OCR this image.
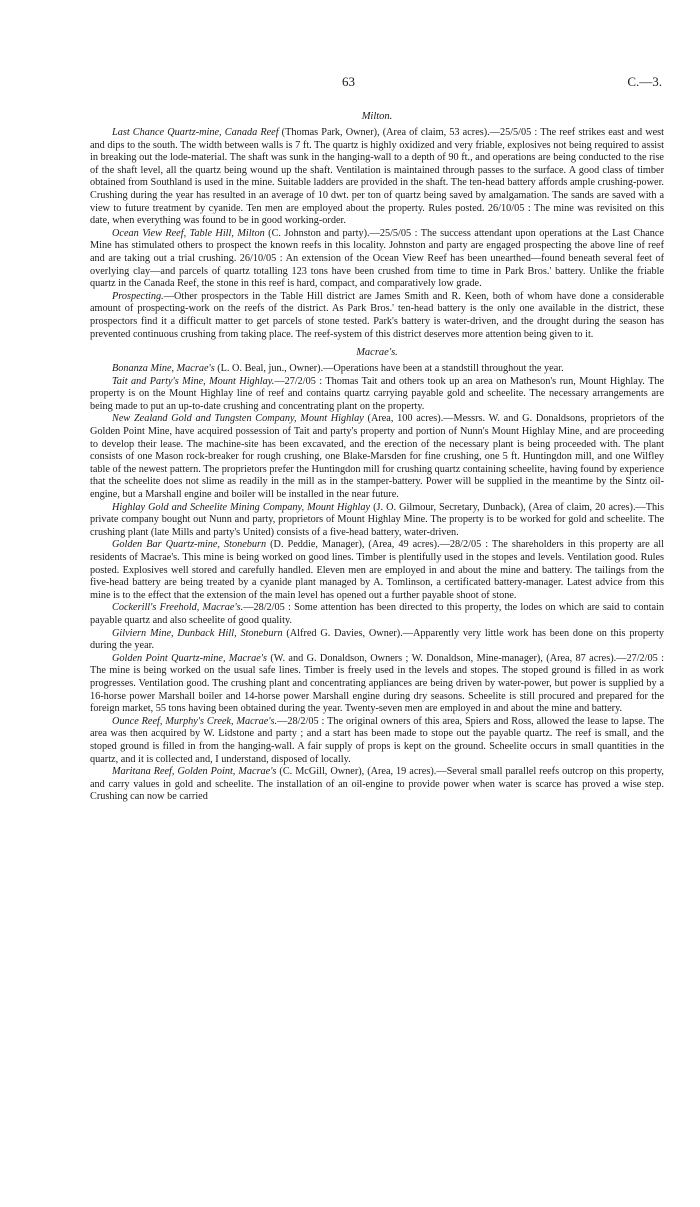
63	C.—3.
Milton.

Last Chance Quartz-mine, Canada Reef (Thomas Park, Owner), (Area of claim, 53 acres).—25/5/05 : The reef strikes east and west and dips to the south. The width between walls is 7 ft. The quartz is highly oxidized and very friable, explosives not being required to assist in breaking out the lode-material. The shaft was sunk in the hanging-wall to a depth of 90 ft., and operations are being conducted to the rise of the shaft level, all the quartz being wound up the shaft. Ventilation is maintained through passes to the surface. A good class of timber obtained from Southland is used in the mine. Suitable ladders are provided in the shaft. The ten-head battery affords ample crushing-power. Crushing during the year has resulted in an average of 10 dwt. per ton of quartz being saved by amalgamation. The sands are saved with a view to future treatment by cyanide. Ten men are employed about the property. Rules posted. 26/10/05 : The mine was revisited on this date, when everything was found to be in good working-order.

Ocean View Reef, Table Hill, Milton (C. Johnston and party).—25/5/05 : The success attendant upon operations at the Last Chance Mine has stimulated others to prospect the known reefs in this locality. Johnston and party are engaged prospecting the above line of reef and are taking out a trial crushing. 26/10/05 : An extension of the Ocean View Reef has been unearthed—found beneath several feet of overlying clay—and parcels of quartz totalling 123 tons have been crushed from time to time in Park Bros.' battery. Unlike the friable quartz in the Canada Reef, the stone in this reef is hard, compact, and comparatively low grade.

Prospecting.—Other prospectors in the Table Hill district are James Smith and R. Keen, both of whom have done a considerable amount of prospecting-work on the reefs of the district. As Park Bros.' ten-head battery is the only one available in the district, these prospectors find it a difficult matter to get parcels of stone tested. Park's battery is water-driven, and the drought during the season has prevented continuous crushing from taking place. The reef-system of this district deserves more attention being given to it.

Macrae's.

Bonanza Mine, Macrae's (L. O. Beal, jun., Owner).—Operations have been at a standstill throughout the year.

Tait and Party's Mine, Mount Highlay.—27/2/05 : Thomas Tait and others took up an area on Matheson's run, Mount Highlay. The property is on the Mount Highlay line of reef and contains quartz carrying payable gold and scheelite. The necessary arrangements are being made to put an up-to-date crushing and concentrating plant on the property.

New Zealand Gold and Tungsten Company, Mount Highlay (Area, 100 acres).—Messrs. W. and G. Donaldsons, proprietors of the Golden Point Mine, have acquired possession of Tait and party's property and portion of Nunn's Mount Highlay Mine, and are proceeding to develop their lease. The machine-site has been excavated, and the erection of the necessary plant is being proceeded with. The plant consists of one Mason rock-breaker for rough crushing, one Blake-Marsden for fine crushing, one 5 ft. Huntingdon mill, and one Wilfley table of the newest pattern. The proprietors prefer the Huntingdon mill for crushing quartz containing scheelite, having found by experience that the scheelite does not slime as readily in the mill as in the stamper-battery. Power will be supplied in the meantime by the Sintz oil-engine, but a Marshall engine and boiler will be installed in the near future.

Highlay Gold and Scheelite Mining Company, Mount Highlay (J. O. Gilmour, Secretary, Dunback), (Area of claim, 20 acres).—This private company bought out Nunn and party, proprietors of Mount Highlay Mine. The property is to be worked for gold and scheelite. The crushing plant (late Mills and party's United) consists of a five-head battery, water-driven.

Golden Bar Quartz-mine, Stoneburn (D. Peddie, Manager), (Area, 49 acres).—28/2/05 : The shareholders in this property are all residents of Macrae's. This mine is being worked on good lines. Timber is plentifully used in the stopes and levels. Ventilation good. Rules posted. Explosives well stored and carefully handled. Eleven men are employed in and about the mine and battery. The tailings from the five-head battery are being treated by a cyanide plant managed by A. Tomlinson, a certificated battery-manager. Latest advice from this mine is to the effect that the extension of the main level has opened out a further payable shoot of stone.

Cockerill's Freehold, Macrae's.—28/2/05 : Some attention has been directed to this property, the lodes on which are said to contain payable quartz and also scheelite of good quality.

Gilviern Mine, Dunback Hill, Stoneburn (Alfred G. Davies, Owner).—Apparently very little work has been done on this property during the year.

Golden Point Quartz-mine, Macrae's (W. and G. Donaldson, Owners ; W. Donaldson, Mine-manager), (Area, 87 acres).—27/2/05 : The mine is being worked on the usual safe lines. Timber is freely used in the levels and stopes. The stoped ground is filled in as work progresses. Ventilation good. The crushing plant and concentrating appliances are being driven by water-power, but power is supplied by a 16-horse power Marshall boiler and 14-horse power Marshall engine during dry seasons. Scheelite is still procured and prepared for the foreign market, 55 tons having been obtained during the year. Twenty-seven men are employed in and about the mine and battery.

Ounce Reef, Murphy's Creek, Macrae's.—28/2/05 : The original owners of this area, Spiers and Ross, allowed the lease to lapse. The area was then acquired by W. Lidstone and party ; and a start has been made to stope out the payable quartz. The reef is small, and the stoped ground is filled in from the hanging-wall. A fair supply of props is kept on the ground. Scheelite occurs in small quantities in the quartz, and it is collected and, I understand, disposed of locally.

Maritana Reef, Golden Point, Macrae's (C. McGill, Owner), (Area, 19 acres).—Several small parallel reefs outcrop on this property, and carry values in gold and scheelite. The installation of an oil-engine to provide power when water is scarce has proved a wise step. Crushing can now be carried
